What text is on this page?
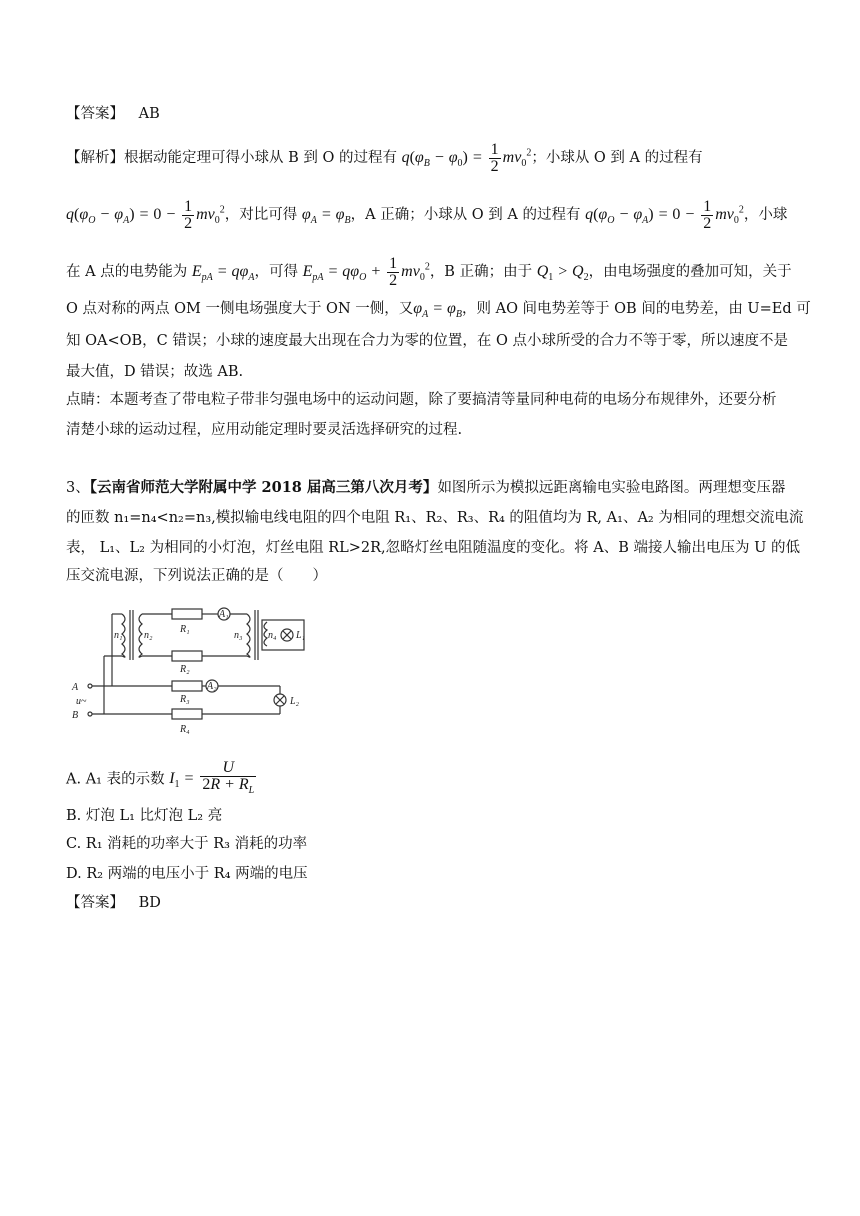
【答案】 AB
【解析】根据动能定理可得小球从 B 到 O 的过程有 $q(\varphi_B - \varphi_0) = \frac{1}{2} mv_0^2$；小球从 O 到 A 的过程有
$q(\varphi_O - \varphi_A) = 0 - \frac{1}{2} mv_0^2$，对比可得 $\varphi_A = \varphi_B$，A 正确；小球从 O 到 A 的过程有 $q(\varphi_O - \varphi_A) = 0 - \frac{1}{2} mv_0^2$，小球
在 A 点的电势能为 $E_{pA} = q\varphi_A$，可得 $E_{pA} = q\varphi_O + \frac{1}{2} mv_0^2$，B 正确；由于 $Q_1 > Q_2$，由电场强度的叠加可知，关于
O 点对称的两点 OM 一侧电场强度大于 ON 一侧，又$\varphi_A = \varphi_B$，则 AO 间电势差等于 OB 间的电势差，由 U=Ed 可
知 OA<OB，C 错误；小球的速度最大出现在合力为零的位置，在 O 点小球所受的合力不等于零，所以速度不是
最大值，D 错误；故选 AB.
点睛：本题考查了带电粒子带非匀强电场中的运动问题，除了要搞清等量同种电荷的电场分布规律外，还要分析
清楚小球的运动过程，应用动能定理时要灵活选择研究的过程.
3、【云南省师范大学附属中学 2018 届高三第八次月考】如图所示为模拟远距离输电实验电路图。两理想变压器
的匝数 n₁=n₄<n₂=n₃,模拟输电线电阻的四个电阻 R₁、R₂、R₃、R₄ 的阻值均为 R, A₁、A₂ 为相同的理想交流电流
表， L₁、L₂ 为相同的小灯泡，灯丝电阻 RL>2R,忽略灯丝电阻随温度的变化。将 A、B 端接人输出电压为 U 的低
压交流电源，下列说法正确的是（　　）
A
B
u~
n₁ n₂	n₃	n₄
R₁
R₂
R₃
R₄
A₁
A₂
L₁
L₂
A. A₁ 表的示数 $I_1 = \frac{U}{2R + R_L}$
B. 灯泡 L₁ 比灯泡 L₂ 亮
C. R₁ 消耗的功率大于 R₃ 消耗的功率
D. R₂ 两端的电压小于 R₄ 两端的电压
【答案】 BD
